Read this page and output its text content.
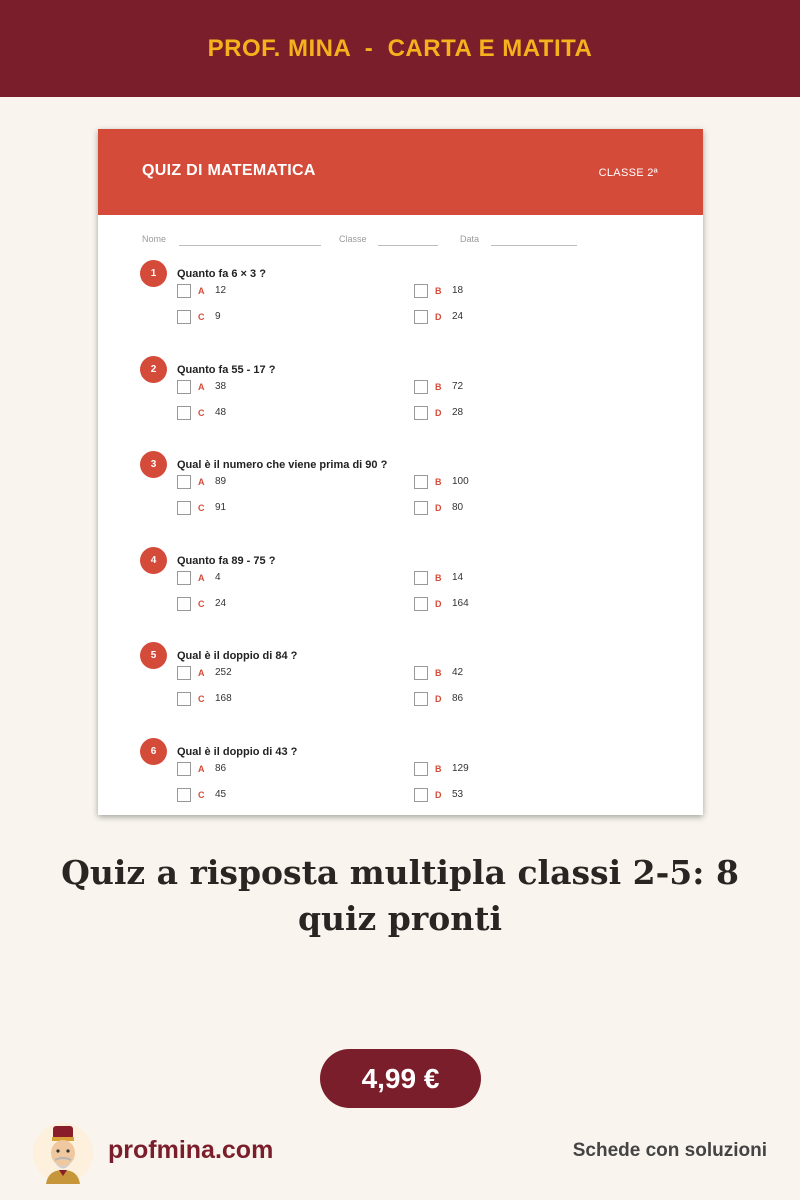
PROF. MINA  -  CARTA E MATITA
QUIZ DI MATEMATICA	CLASSE 2ª
Nome	Classe	Data
1	Quanto fa 6 × 3 ?
A 12	B 18
C 9	D 24
2	Quanto fa 55 - 17 ?
A 38	B 72
C 48	D 28
3	Qual è il numero che viene prima di 90 ?
A 89	B 100
C 91	D 80
4	Quanto fa 89 - 75 ?
A 4	B 14
C 24	D 164
5	Qual è il doppio di 84 ?
A 252	B 42
C 168	D 86
6	Qual è il doppio di 43 ?
A 86	B 129
C 45	D 53
Quiz a risposta multipla classi 2-5: 8 quiz pronti
4,99 €
profmina.com	Schede con soluzioni
